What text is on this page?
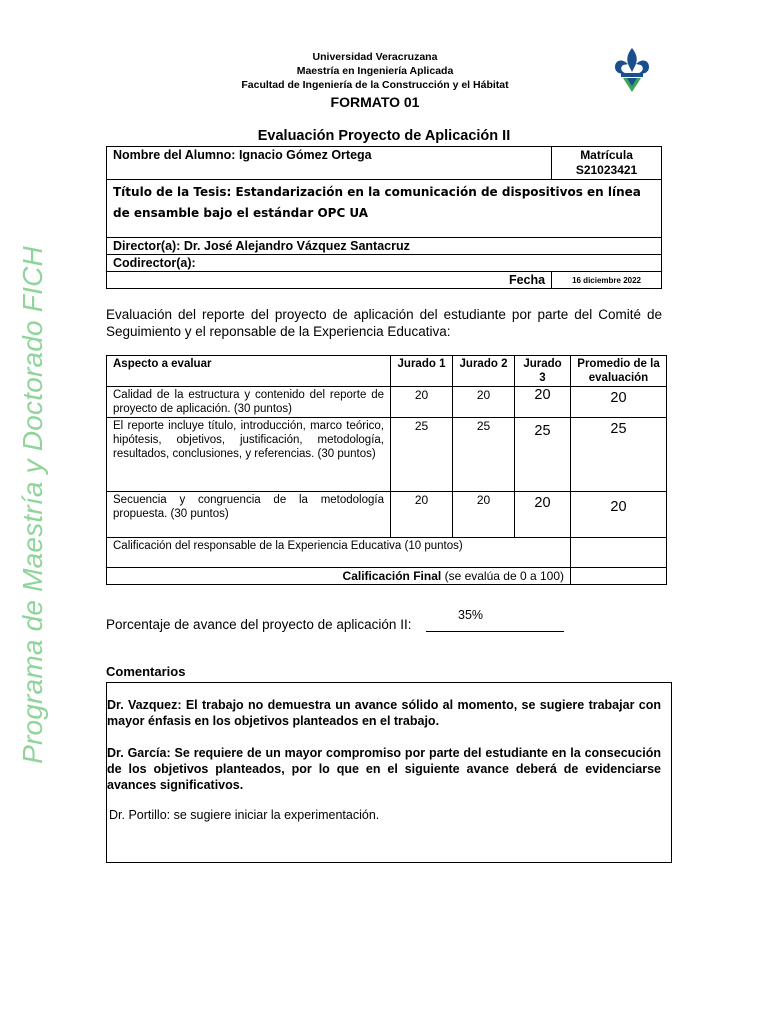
Programa de Maestría y Doctorado FICH
Universidad Veracruzana
Maestría en Ingeniería Aplicada
Facultad de Ingeniería de la Construcción y el Hábitat
FORMATO 01
Evaluación Proyecto de Aplicación II
Nombre del Alumno: Ignacio Gómez Ortega	Matrícula
S21023421

Título de la Tesis: Estandarización en la comunicación de dispositivos en línea de ensamble bajo el estándar OPC UA	
Director(a): Dr. José Alejandro Vázquez Santacruz	
Codirector(a):	
Fecha	16 diciembre 2022
Evaluación del reporte del proyecto de aplicación del estudiante por parte del Comité de Seguimiento y el reponsable de la Experiencia Educativa:
Aspecto a evaluar	Jurado 1	Jurado 2	Jurado 3	Promedio de la evaluación
Calidad de la estructura y contenido del reporte de proyecto de aplicación. (30 puntos)	20	20	20	20
El reporte incluye título, introducción, marco teórico, hipótesis, objetivos, justificación, metodología, resultados, conclusiones, y referencias. (30 puntos)	25	25	25	25
Secuencia y congruencia de la metodología propuesta. (30 puntos)	20	20	20	20
Calificación del responsable de la Experiencia Educativa (10 puntos)				
Calificación Final (se evalúa de 0 a 100)				
35%
Porcentaje de avance del proyecto de aplicación II:
Comentarios

Dr. Vazquez: El trabajo no demuestra un avance sólido al momento, se sugiere trabajar con mayor énfasis en los objetivos planteados en el trabajo.

Dr. García: Se requiere de un mayor compromiso por parte del estudiante en la consecución de los objetivos planteados, por lo que en el siguiente avance deberá de evidenciarse avances significativos.

Dr. Portillo: se sugiere iniciar la experimentación.
